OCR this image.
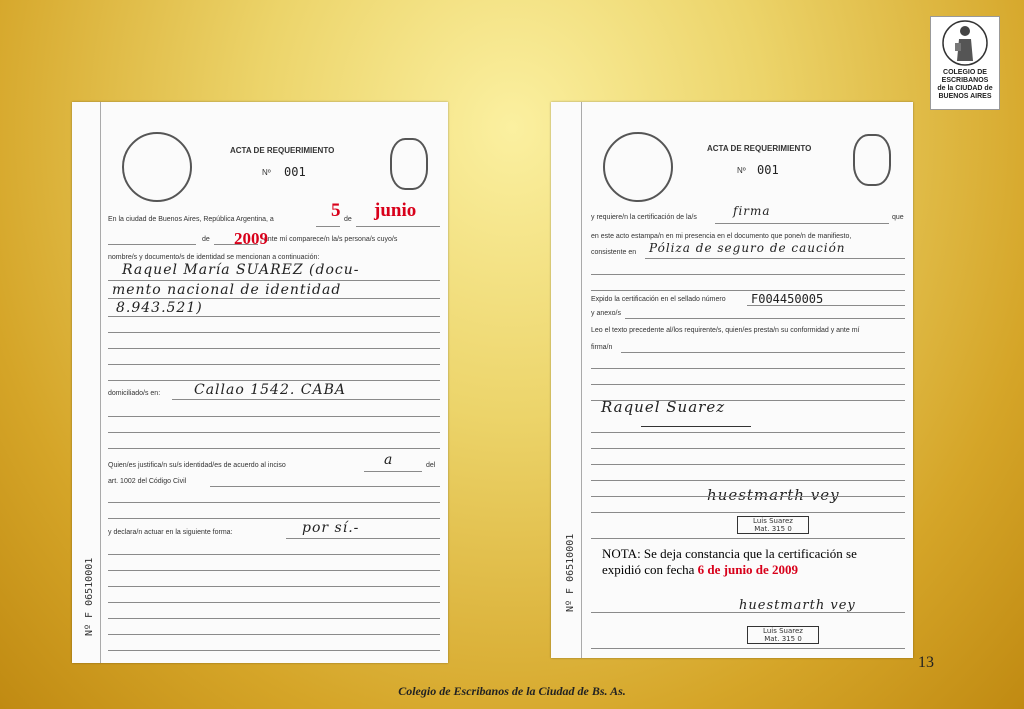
ACTA DE REQUERIMIENTO
Nº 001
En la ciudad de Buenos Aires, República Argentina, a	de
de	, ante mí comparece/n la/s persona/s cuyo/s
nombre/s y documento/s de identidad se mencionan a continuación:
Raquel María SUAREZ (docu-
mento nacional de identidad
8.943.521)
domiciliado/s en: Callao 1542. CABA
Quien/es justifica/n su/s identidad/es de acuerdo al inciso	a	del
art. 1002 del Código Civil
y declara/n actuar en la siguiente forma:	por sí.-
Nº F 06510001
5 junio
2009
ACTA DE REQUERIMIENTO
Nº 001
y requiere/n la certificación de la/s	firma	que
en este acto estampa/n en mi presencia en el documento que pone/n de manifiesto,
consistente en Póliza de seguro de caución
Expido la certificación en el sellado número F004450005
y anexo/s
Leo el texto precedente al/los requirente/s, quien/es presta/n su conformidad y ante mí
firma/n
Raquel Suarez
huestmarth vey
Luis Suarez
Mat. 315 0
huestmarth vey
Luis Suarez
Mat. 315 0
Nº F 06510001 NOTA: Se deja constancia que la certificación se expidió con fecha 6 de junio de 2009
COLEGIO DE
ESCRIBANOS
de la CIUDAD de
BUENOS AIRES
13
Colegio de Escribanos de la Ciudad de Bs. As.
